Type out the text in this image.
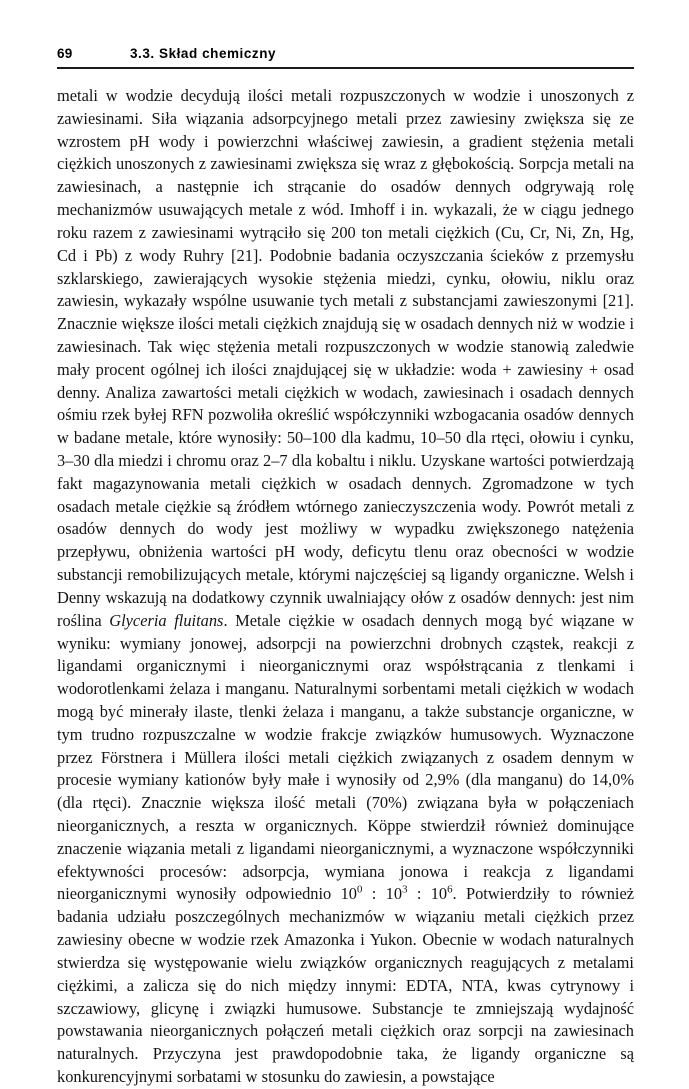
69	3.3. Skład chemiczny

metali w wodzie decydują ilości metali rozpuszczonych w wodzie i unoszonych z zawiesinami. Siła wiązania adsorpcyjnego metali przez zawiesiny zwiększa się ze wzrostem pH wody i powierzchni właściwej zawiesin, a gradient stężenia metali ciężkich unoszonych z zawiesinami zwiększa się wraz z głębokością. Sorpcja metali na zawiesinach, a następnie ich strącanie do osadów dennych odgrywają rolę mechanizmów usuwających metale z wód. Imhoff i in. wykazali, że w ciągu jednego roku razem z zawiesinami wytrąciło się 200 ton metali ciężkich (Cu, Cr, Ni, Zn, Hg, Cd i Pb) z wody Ruhry [21]. Podobnie badania oczyszczania ścieków z przemysłu szklarskiego, zawierających wysokie stężenia miedzi, cynku, ołowiu, niklu oraz zawiesin, wykazały wspólne usuwanie tych metali z substancjami zawieszonymi [21]. Znacznie większe ilości metali ciężkich znajdują się w osadach dennych niż w wodzie i zawiesinach. Tak więc stężenia metali rozpuszczonych w wodzie stanowią zaledwie mały procent ogólnej ich ilości znajdującej się w układzie: woda + zawiesiny + osad denny. Analiza zawartości metali ciężkich w wodach, zawiesinach i osadach dennych ośmiu rzek byłej RFN pozwoliła określić współczynniki wzbogacania osadów dennych w badane metale, które wynosiły: 50–100 dla kadmu, 10–50 dla rtęci, ołowiu i cynku, 3–30 dla miedzi i chromu oraz 2–7 dla kobaltu i niklu. Uzyskane wartości potwierdzają fakt magazynowania metali ciężkich w osadach dennych. Zgromadzone w tych osadach metale ciężkie są źródłem wtórnego zanieczyszczenia wody. Powrót metali z osadów dennych do wody jest możliwy w wypadku zwiększonego natężenia przepływu, obniżenia wartości pH wody, deficytu tlenu oraz obecności w wodzie substancji remobilizujących metale, którymi najczęściej są ligandy organiczne. Welsh i Denny wskazują na dodatkowy czynnik uwalniający ołów z osadów dennych: jest nim roślina Glyceria fluitans. Metale ciężkie w osadach dennych mogą być wiązane w wyniku: wymiany jonowej, adsorpcji na powierzchni drobnych cząstek, reakcji z ligandami organicznymi i nieorganicznymi oraz współstrącania z tlenkami i wodorotlenkami żelaza i manganu. Naturalnymi sorbentami metali ciężkich w wodach mogą być minerały ilaste, tlenki żelaza i manganu, a także substancje organiczne, w tym trudno rozpuszczalne w wodzie frakcje związków humusowych. Wyznaczone przez Förstnera i Müllera ilości metali ciężkich związanych z osadem dennym w procesie wymiany kationów były małe i wynosiły od 2,9% (dla manganu) do 14,0% (dla rtęci). Znacznie większa ilość metali (70%) związana była w połączeniach nieorganicznych, a reszta w organicznych. Köppe stwierdził również dominujące znaczenie wiązania metali z ligandami nieorganicznymi, a wyznaczone współczynniki efektywności procesów: adsorpcja, wymiana jonowa i reakcja z ligandami nieorganicznymi wynosiły odpowiednio $10^0$ : $10^3$ : $10^6$. Potwierdziły to również badania udziału poszczególnych mechanizmów w wiązaniu metali ciężkich przez zawiesiny obecne w wodzie rzek Amazonka i Yukon. Obecnie w wodach naturalnych stwierdza się występowanie wielu związków organicznych reagujących z metalami ciężkimi, a zalicza się do nich między innymi: EDTA, NTA, kwas cytrynowy i szczawiowy, glicynę i związki humusowe. Substancje te zmniejszają wydajność powstawania nieorganicznych połączeń metali ciężkich oraz sorpcji na zawiesinach naturalnych. Przyczyna jest prawdopodobnie taka, że ligandy organiczne są konkurencyjnymi sorbatami w stosunku do zawiesin, a powstające
